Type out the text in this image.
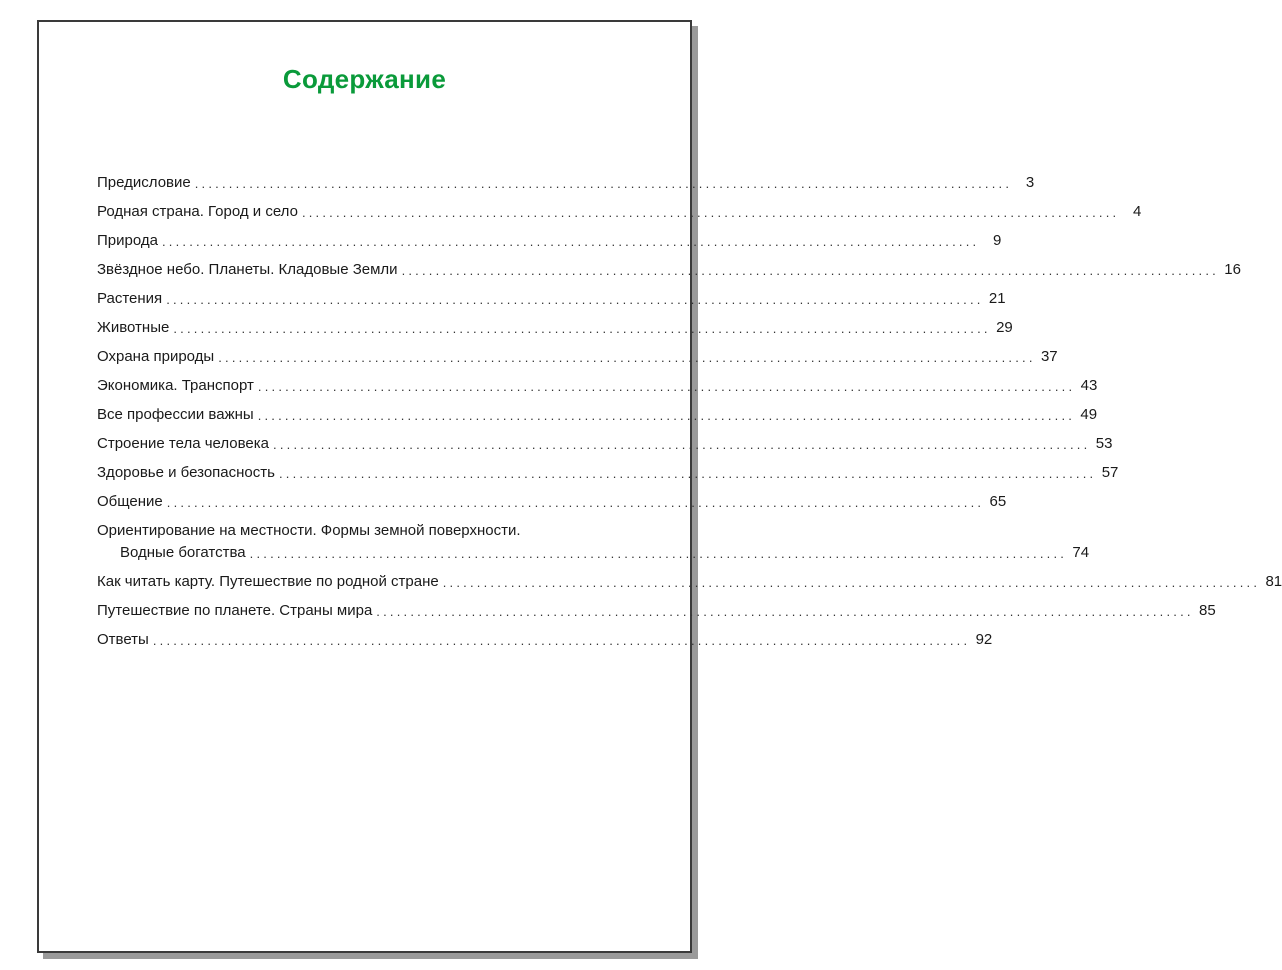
Содержание
Предисловие ........................................................................................................................ 3
Родная страна. Город и село ........................................................................................................................ 4
Природа ........................................................................................................................ 9
Звёздное небо. Планеты. Кладовые Земли ........................................................................................................................ 16
Растения ........................................................................................................................ 21
Животные ........................................................................................................................ 29
Охрана природы ........................................................................................................................ 37
Экономика. Транспорт ........................................................................................................................ 43
Все профессии важны ........................................................................................................................ 49
Строение тела человека ........................................................................................................................ 53
Здоровье и безопасность ........................................................................................................................ 57
Общение ........................................................................................................................ 65
Ориентирование на местности. Формы земной поверхности.
Водные богатства ........................................................................................................................ 74
Как читать карту. Путешествие по родной стране ........................................................................................................................ 81
Путешествие по планете. Страны мира ........................................................................................................................ 85
Ответы ........................................................................................................................ 92
